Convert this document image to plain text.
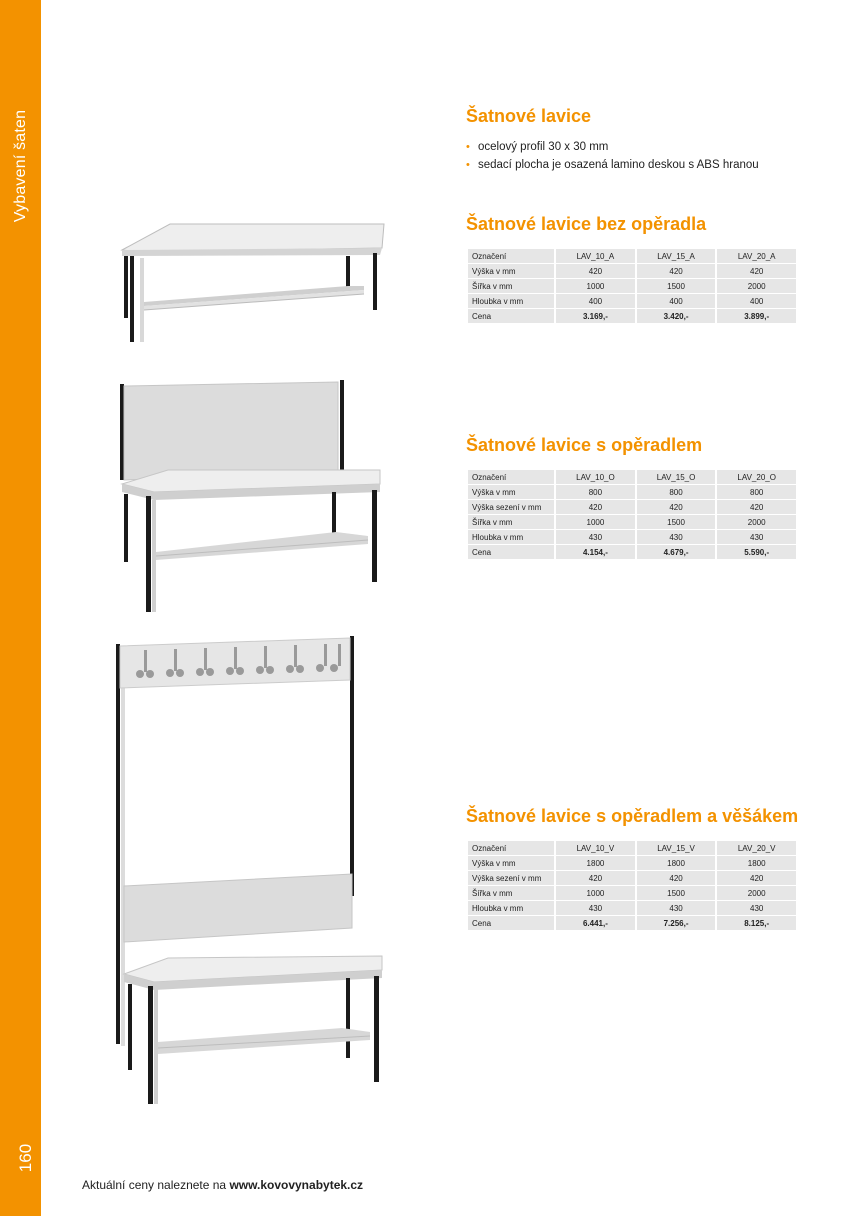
Vybavení šaten
160
Šatnové lavice
• ocelový profil 30 x 30 mm
• sedací plocha je osazená lamino deskou s ABS hranou
Šatnové lavice bez opěradla
Označení	LAV_10_A	LAV_15_A	LAV_20_A
Výška v mm	420	420	420
Šířka v mm	1000	1500	2000
Hloubka v mm	400	400	400
Cena	3.169,-	3.420,-	3.899,-
Šatnové lavice s opěradlem
Označení	LAV_10_O	LAV_15_O	LAV_20_O
Výška v mm	800	800	800
Výška sezení v mm	420	420	420
Šířka v mm	1000	1500	2000
Hloubka v mm	430	430	430
Cena	4.154,-	4.679,-	5.590,-
Šatnové lavice s opěradlem a věšákem
Označení	LAV_10_V	LAV_15_V	LAV_20_V
Výška v mm	1800	1800	1800
Výška sezení v mm	420	420	420
Šířka v mm	1000	1500	2000
Hloubka v mm	430	430	430
Cena	6.441,-	7.256,-	8.125,-
Aktuální ceny naleznete na www.kovovynabytek.cz
